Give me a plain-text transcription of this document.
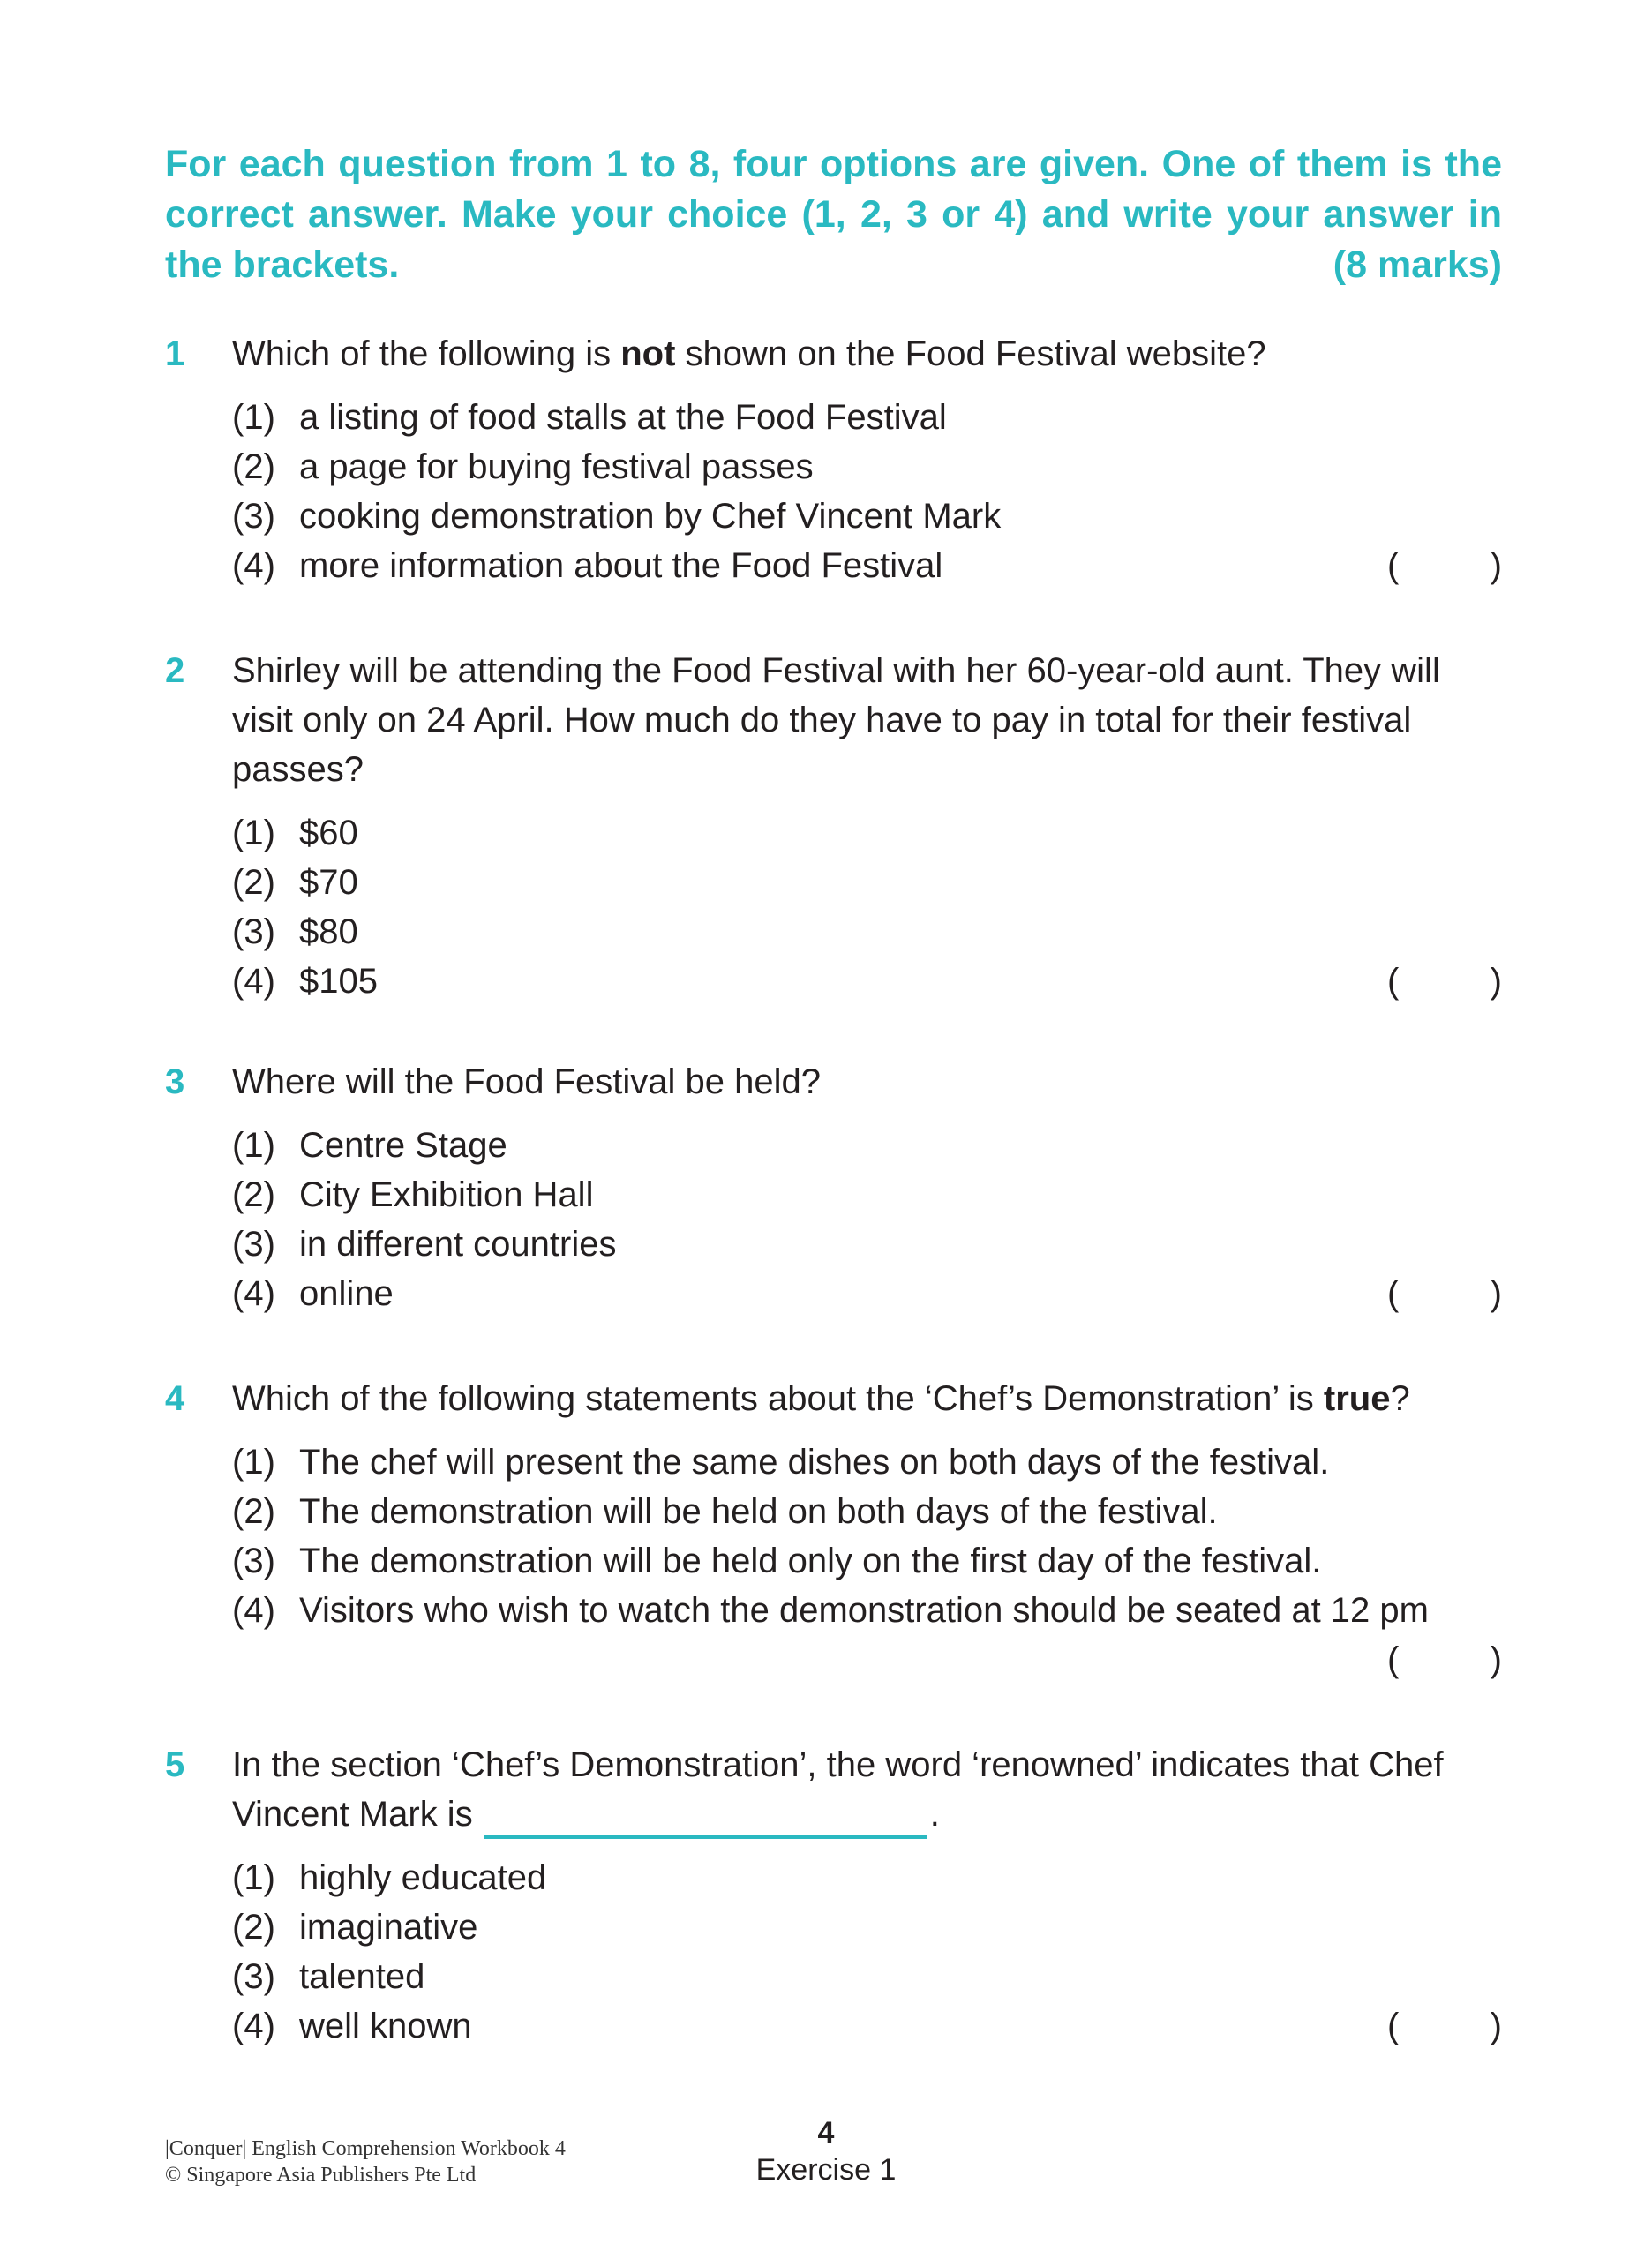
For each question from 1 to 8, four options are given. One of them is the correct answer. Make your choice (1, 2, 3 or 4) and write your answer in the brackets.	(8 marks)
1	Which of the following is not shown on the Food Festival website?
(1) a listing of food stalls at the Food Festival
(2) a page for buying festival passes
(3) cooking demonstration by Chef Vincent Mark
(4) more information about the Food Festival	(	)
2	Shirley will be attending the Food Festival with her 60-year-old aunt. They will visit only on 24 April. How much do they have to pay in total for their festival passes?
(1) $60
(2) $70
(3) $80
(4) $105	(	)
3	Where will the Food Festival be held?
(1) Centre Stage
(2) City Exhibition Hall
(3) in different countries
(4) online	(	)
4	Which of the following statements about the ‘Chef’s Demonstration’ is true?
(1) The chef will present the same dishes on both days of the festival.
(2) The demonstration will be held on both days of the festival.
(3) The demonstration will be held only on the first day of the festival.
(4) Visitors who wish to watch the demonstration should be seated at 12 pm
(	)
5	In the section ‘Chef’s Demonstration’, the word ‘renowned’ indicates that Chef Vincent Mark is	.
(1) highly educated
(2) imaginative
(3) talented
(4) well known	(	)
|Conquer| English Comprehension Workbook 4
© Singapore Asia Publishers Pte Ltd
4
Exercise 1
